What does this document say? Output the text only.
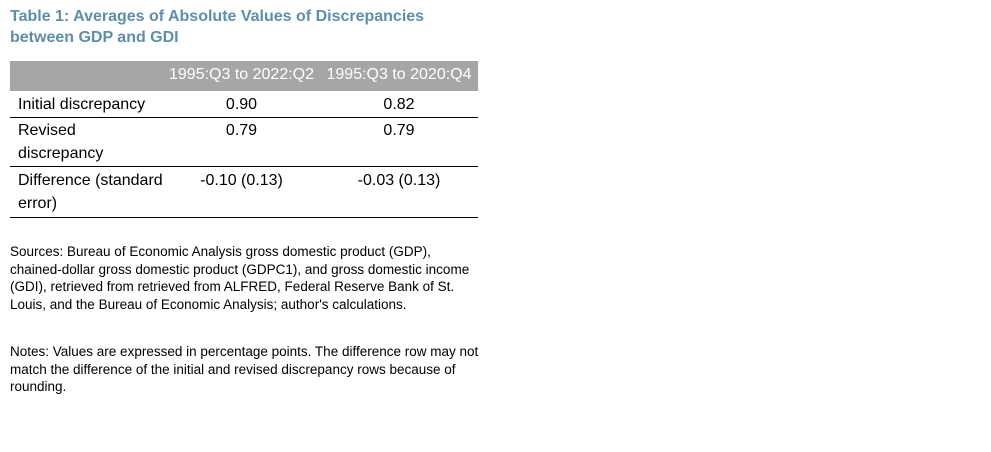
Table 1: Averages of Absolute Values of Discrepancies between GDP and GDI
	1995:Q3 to 2022:Q2	1995:Q3 to 2020:Q4
Initial discrepancy	0.90	0.82
Revised discrepancy	0.79	0.79
Difference (standard error)	-0.10 (0.13)	-0.03 (0.13)

Sources: Bureau of Economic Analysis gross domestic product (GDP), chained-dollar gross domestic product (GDPC1), and gross domestic income (GDI), retrieved from retrieved from ALFRED, Federal Reserve Bank of St. Louis, and the Bureau of Economic Analysis; author's calculations.

Notes: Values are expressed in percentage points. The difference row may not match the difference of the initial and revised discrepancy rows because of rounding.
